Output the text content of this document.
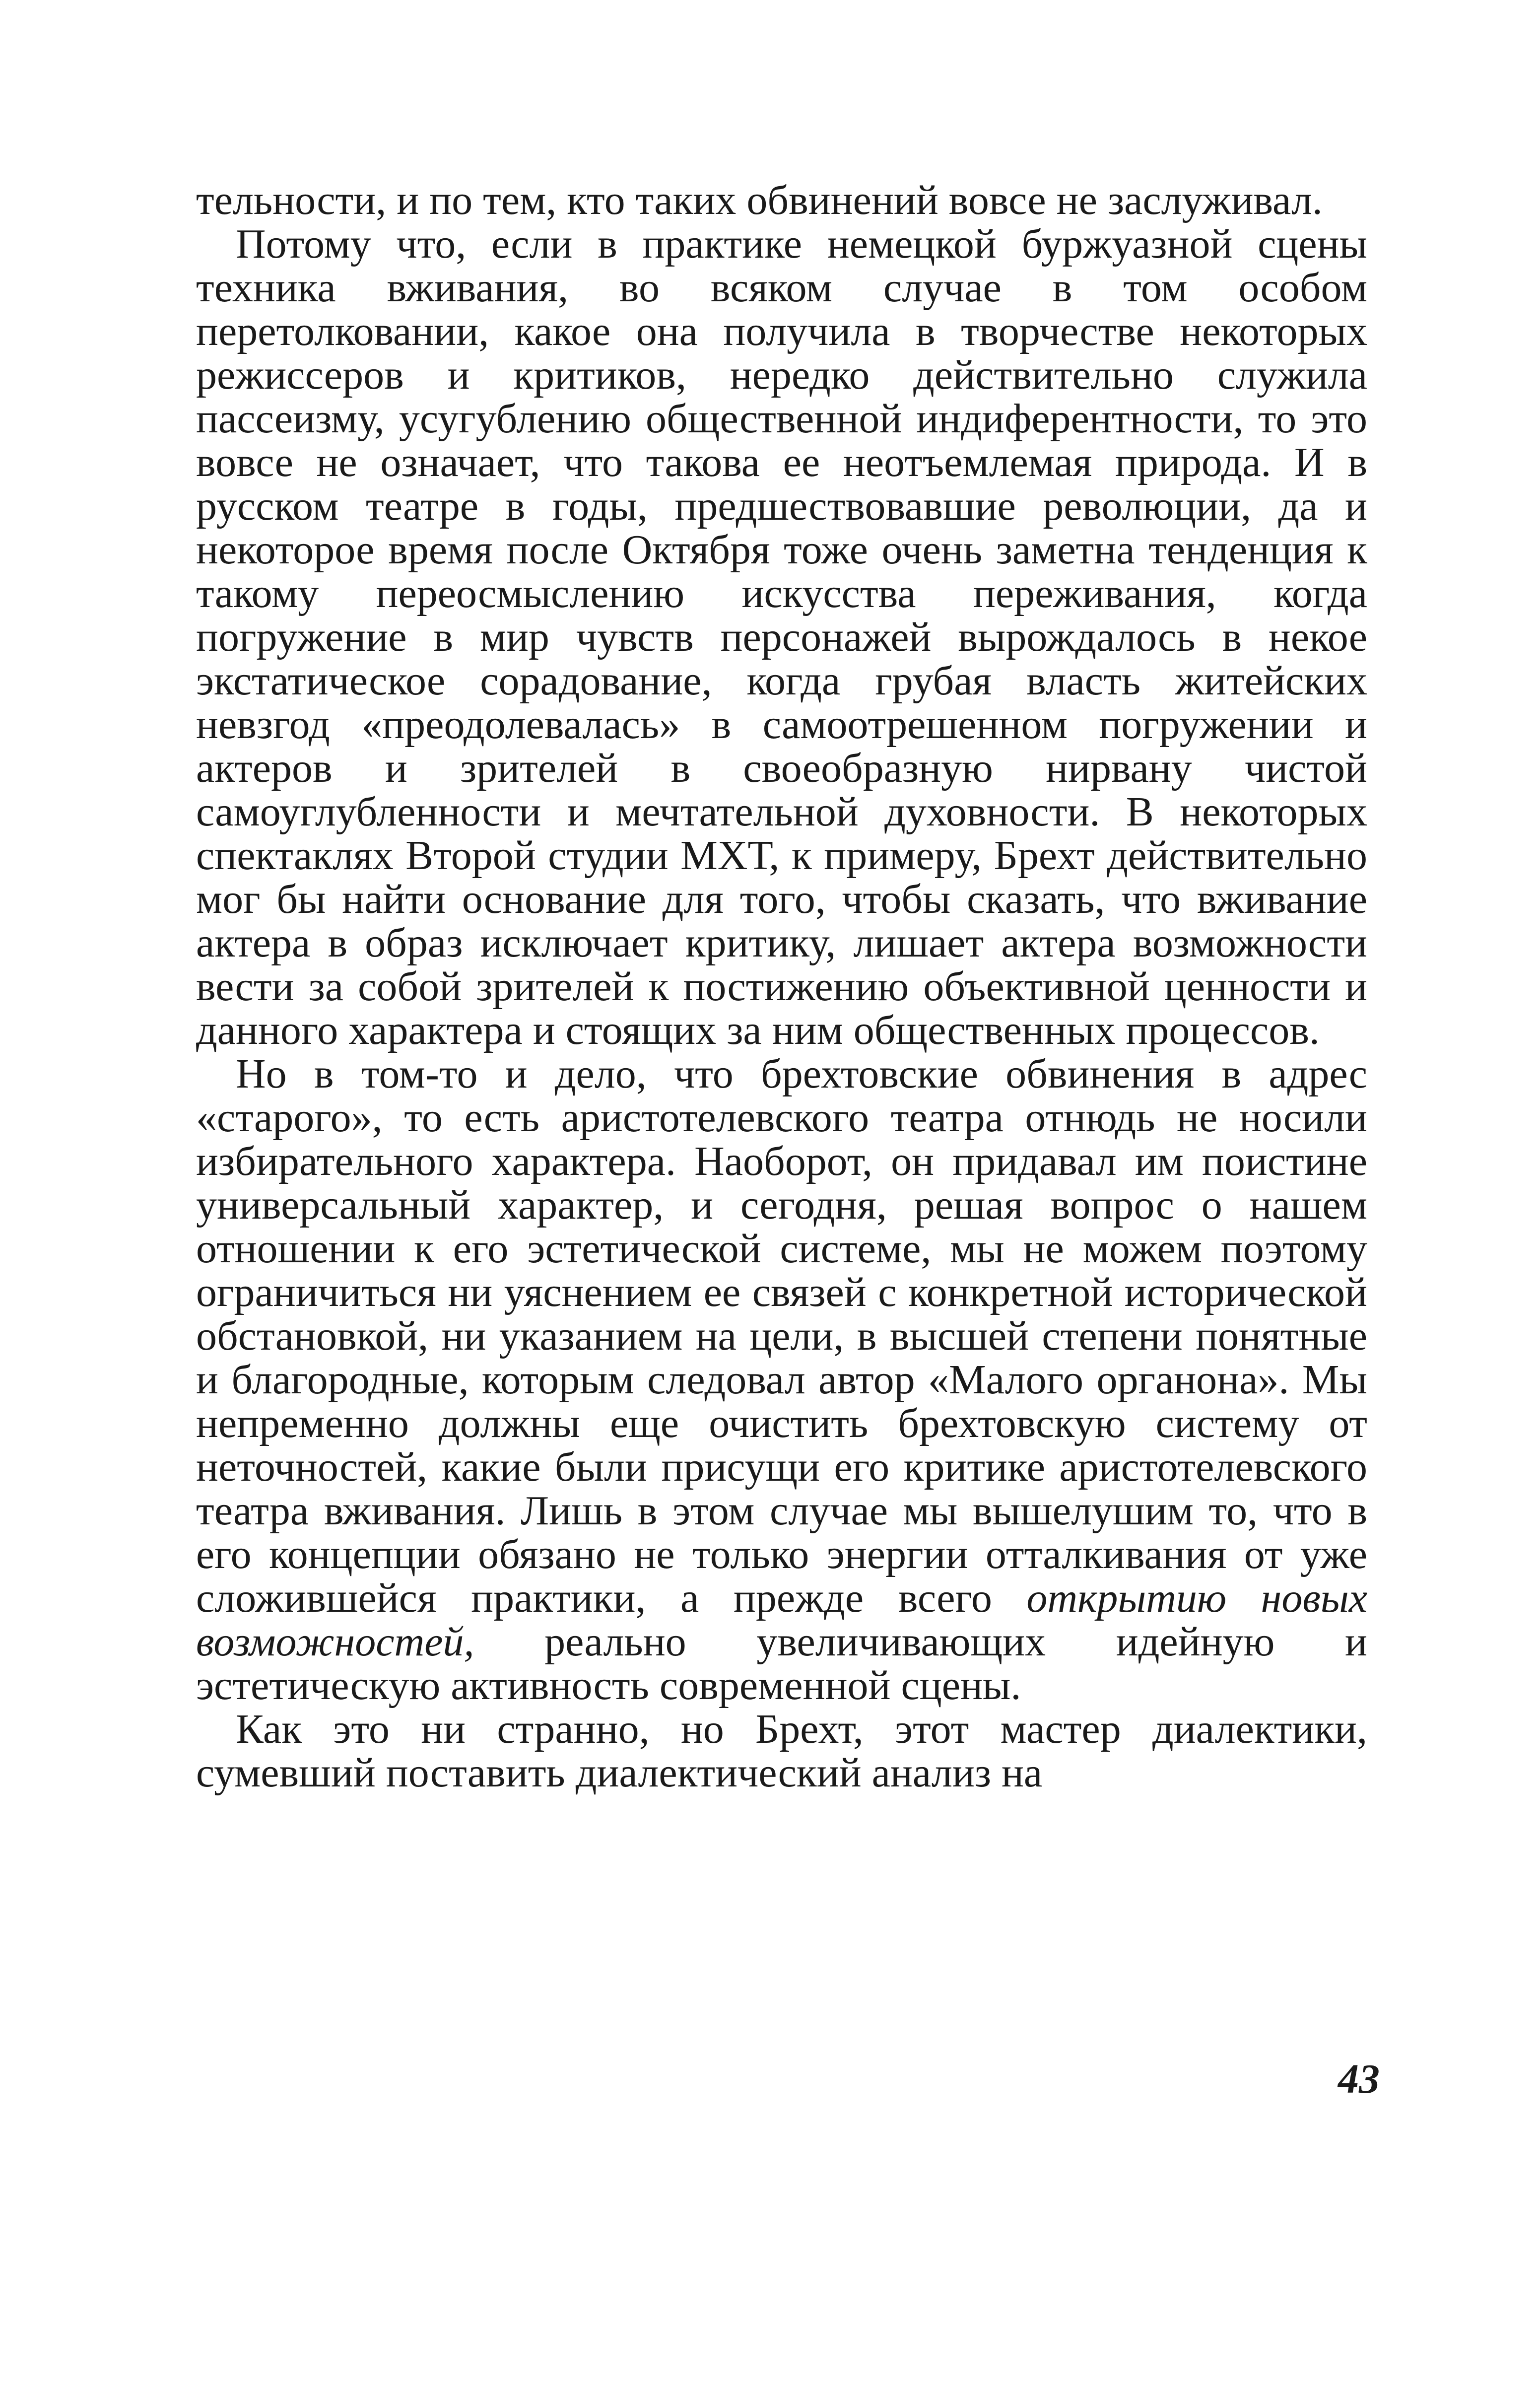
тельности, и по тем, кто таких обвинений вовсе не заслуживал.

Потому что, если в практике немецкой буржуазной сцены техника вживания, во всяком случае в том особом перетолковании, какое она получила в творчестве некоторых режиссеров и критиков, нередко действительно служила пассеизму, усугублению общественной индиферентности, то это вовсе не означает, что такова ее неотъемлемая природа. И в русском театре в годы, предшествовавшие революции, да и некоторое время после Октября тоже очень заметна тенденция к такому переосмыслению искусства переживания, когда погружение в мир чувств персонажей вырождалось в некое экстатическое сорадование, когда грубая власть житейских невзгод «преодолевалась» в самоотрешенном погружении и актеров и зрителей в своеобразную нирвану чистой самоуглубленности и мечтательной духовности. В некоторых спектаклях Второй студии МХТ, к примеру, Брехт действительно мог бы найти основание для того, чтобы сказать, что вживание актера в образ исключает критику, лишает актера возможности вести за собой зрителей к постижению объективной ценности и данного характера и стоящих за ним общественных процессов.

Но в том-то и дело, что брехтовские обвинения в адрес «старого», то есть аристотелевского театра отнюдь не носили избирательного характера. Наоборот, он придавал им поистине универсальный характер, и сегодня, решая вопрос о нашем отношении к его эстетической системе, мы не можем поэтому ограничиться ни уяснением ее связей с конкретной исторической обстановкой, ни указанием на цели, в высшей степени понятные и благородные, которым следовал автор «Малого органона». Мы непременно должны еще очистить брехтовскую систему от неточностей, какие были присущи его критике аристотелевского театра вживания. Лишь в этом случае мы вышелушим то, что в его концепции обязано не только энергии отталкивания от уже сложившейся практики, а прежде всего открытию новых возможностей, реально увеличивающих идейную и эстетическую активность современной сцены.

Как это ни странно, но Брехт, этот мастер диалектики, сумевший поставить диалектический анализ на

43
